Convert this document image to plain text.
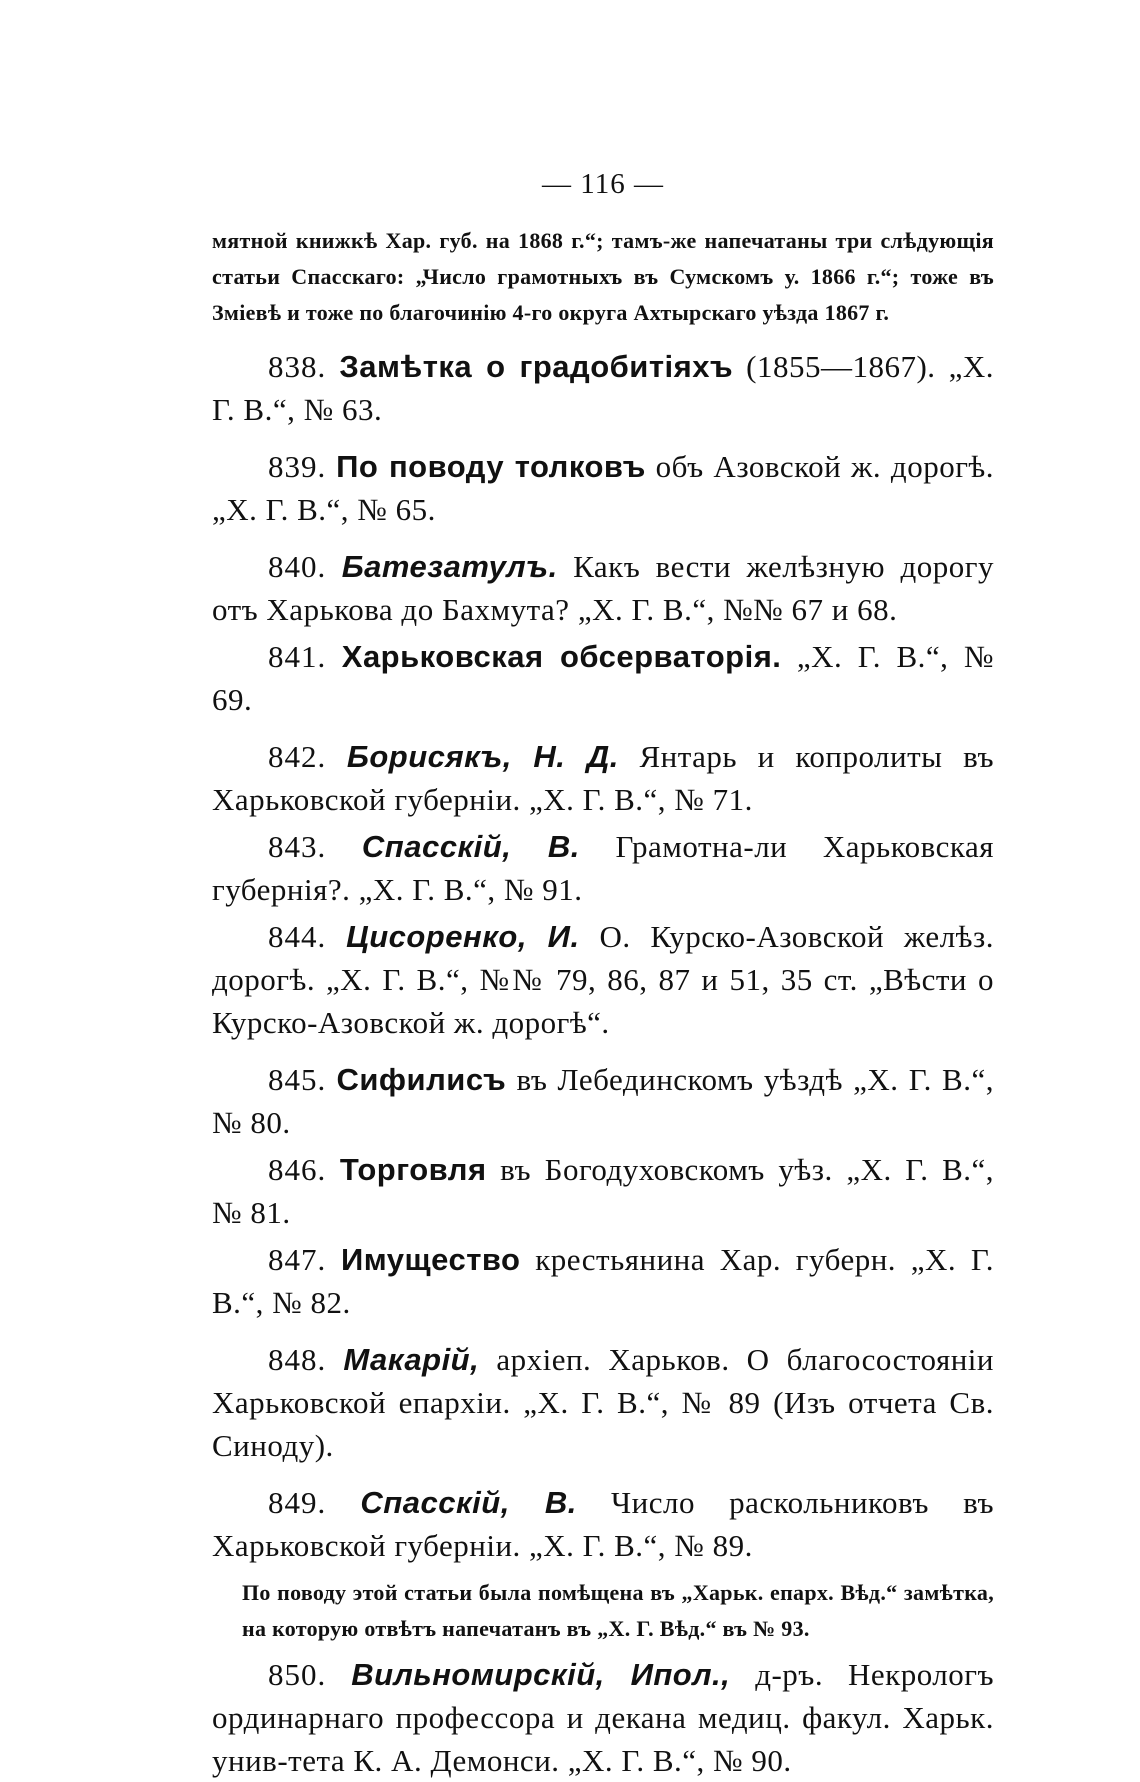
— 116 —
мятной книжкѣ Хар. губ. на 1868 г.“; тамъ-же напечатаны три слѣдующія статьи Спасскаго: „Число грамотныхъ въ Сумскомъ у. 1866 г.“; тоже въ Зміевѣ и тоже по благочинію 4-го округа Ахтырскаго уѣзда 1867 г.
838. Замѣтка о градобитіяхъ (1855—1867). „Х. Г. В.“, № 63.
839. По поводу толковъ объ Азовской ж. дорогѣ. „Х. Г. В.“, № 65.
840. Батезатулъ. Какъ вести желѣзную дорогу отъ Харькова до Бахмута? „Х. Г. В.“, №№ 67 и 68.
841. Харьковская обсерваторія. „Х. Г. В.“, № 69.
842. Борисякъ, Н. Д. Янтарь и копролиты въ Харьковской губерніи. „Х. Г. В.“, № 71.
843. Спасскій, В. Грамотна-ли Харьковская губернія?. „Х. Г. В.“, № 91.
844. Цисоренко, И. О. Курско-Азовской желѣз. дорогѣ. „Х. Г. В.“, №№ 79, 86, 87 и 51, 35 ст. „Вѣсти о Курско-Азовской ж. дорогѣ“.
845. Сифилисъ въ Лебединскомъ уѣздѣ „Х. Г. В.“, № 80.
846. Торговля въ Богодуховскомъ уѣз. „Х. Г. В.“, № 81.
847. Имущество крестьянина Хар. губерн. „Х. Г. В.“, № 82.
848. Макарій, архіеп. Харьков. О благосостояніи Харьковской епархіи. „Х. Г. В.“, № 89 (Изъ отчета Св. Синоду).
849. Спасскій, В. Число раскольниковъ въ Харьковской губерніи. „Х. Г. В.“, № 89.
По поводу этой статьи была помѣщена въ „Харьк. епарх. Вѣд.“ замѣтка, на которую отвѣтъ напечатанъ въ „Х. Г. Вѣд.“ въ № 93.
850. Вильномирскій, Ипол., д-ръ. Некрологъ ординарнаго профессора и декана медиц. факул. Харьк. унив-тета К. А. Демонси. „Х. Г. В.“, № 90.
